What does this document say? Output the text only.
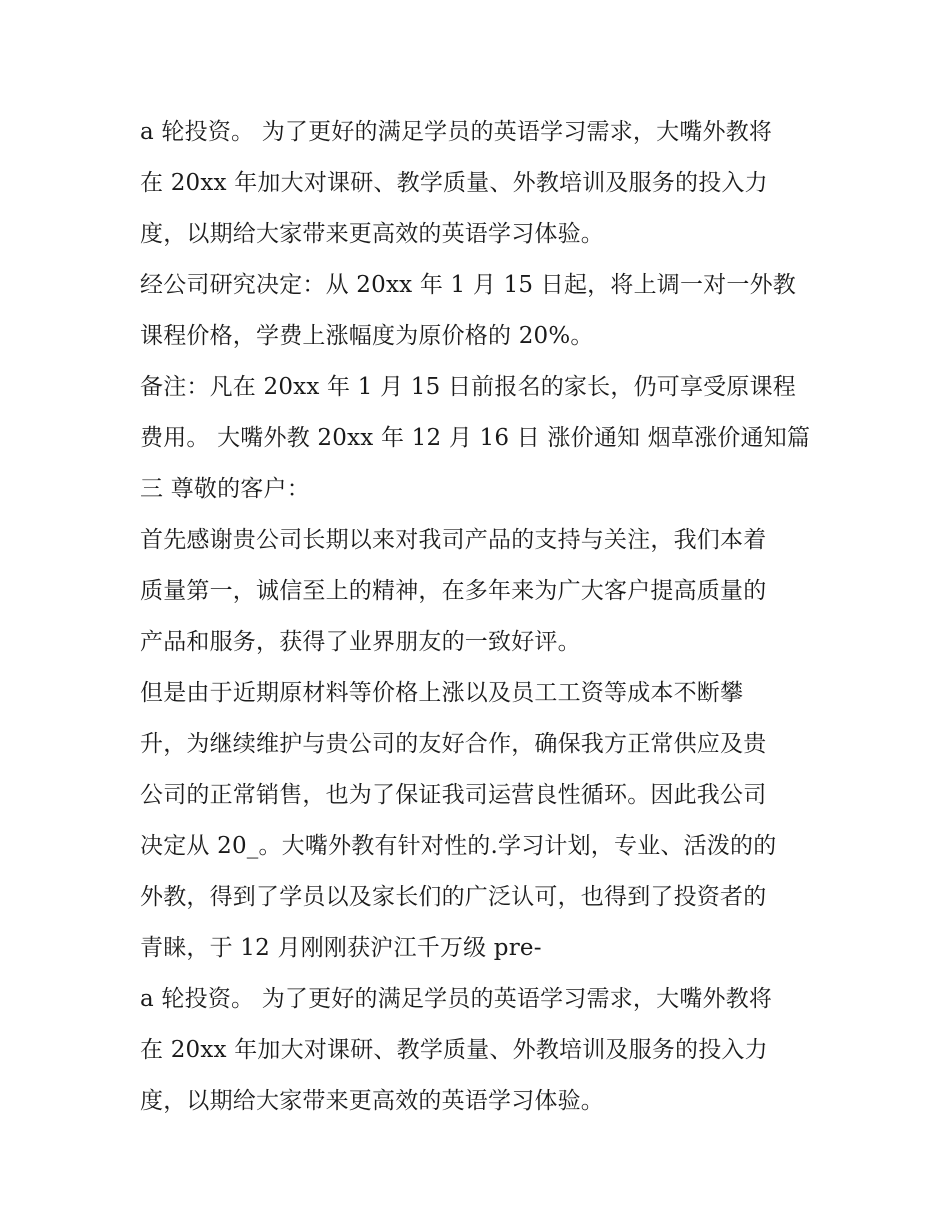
a 轮投资。 为了更好的满足学员的英语学习需求，大嘴外教将
在 20xx 年加大对课研、教学质量、外教培训及服务的投入力
度，以期给大家带来更高效的英语学习体验。
经公司研究决定：从 20xx 年 1 月 15 日起，将上调一对一外教
课程价格，学费上涨幅度为原价格的 20%。
备注：凡在 20xx 年 1 月 15 日前报名的家长，仍可享受原课程
费用。 大嘴外教 20xx 年 12 月 16 日 涨价通知 烟草涨价通知篇
三 尊敬的客户：
首先感谢贵公司长期以来对我司产品的支持与关注，我们本着
质量第一，诚信至上的精神，在多年来为广大客户提高质量的
产品和服务，获得了业界朋友的一致好评。
但是由于近期原材料等价格上涨以及员工工资等成本不断攀
升，为继续维护与贵公司的友好合作，确保我方正常供应及贵
公司的正常销售，也为了保证我司运营良性循环。因此我公司
决定从 20_。大嘴外教有针对性的.学习计划，专业、活泼的的
外教，得到了学员以及家长们的广泛认可，也得到了投资者的
青睐，于 12 月刚刚获沪江千万级 pre-
a 轮投资。 为了更好的满足学员的英语学习需求，大嘴外教将
在 20xx 年加大对课研、教学质量、外教培训及服务的投入力
度，以期给大家带来更高效的英语学习体验。
